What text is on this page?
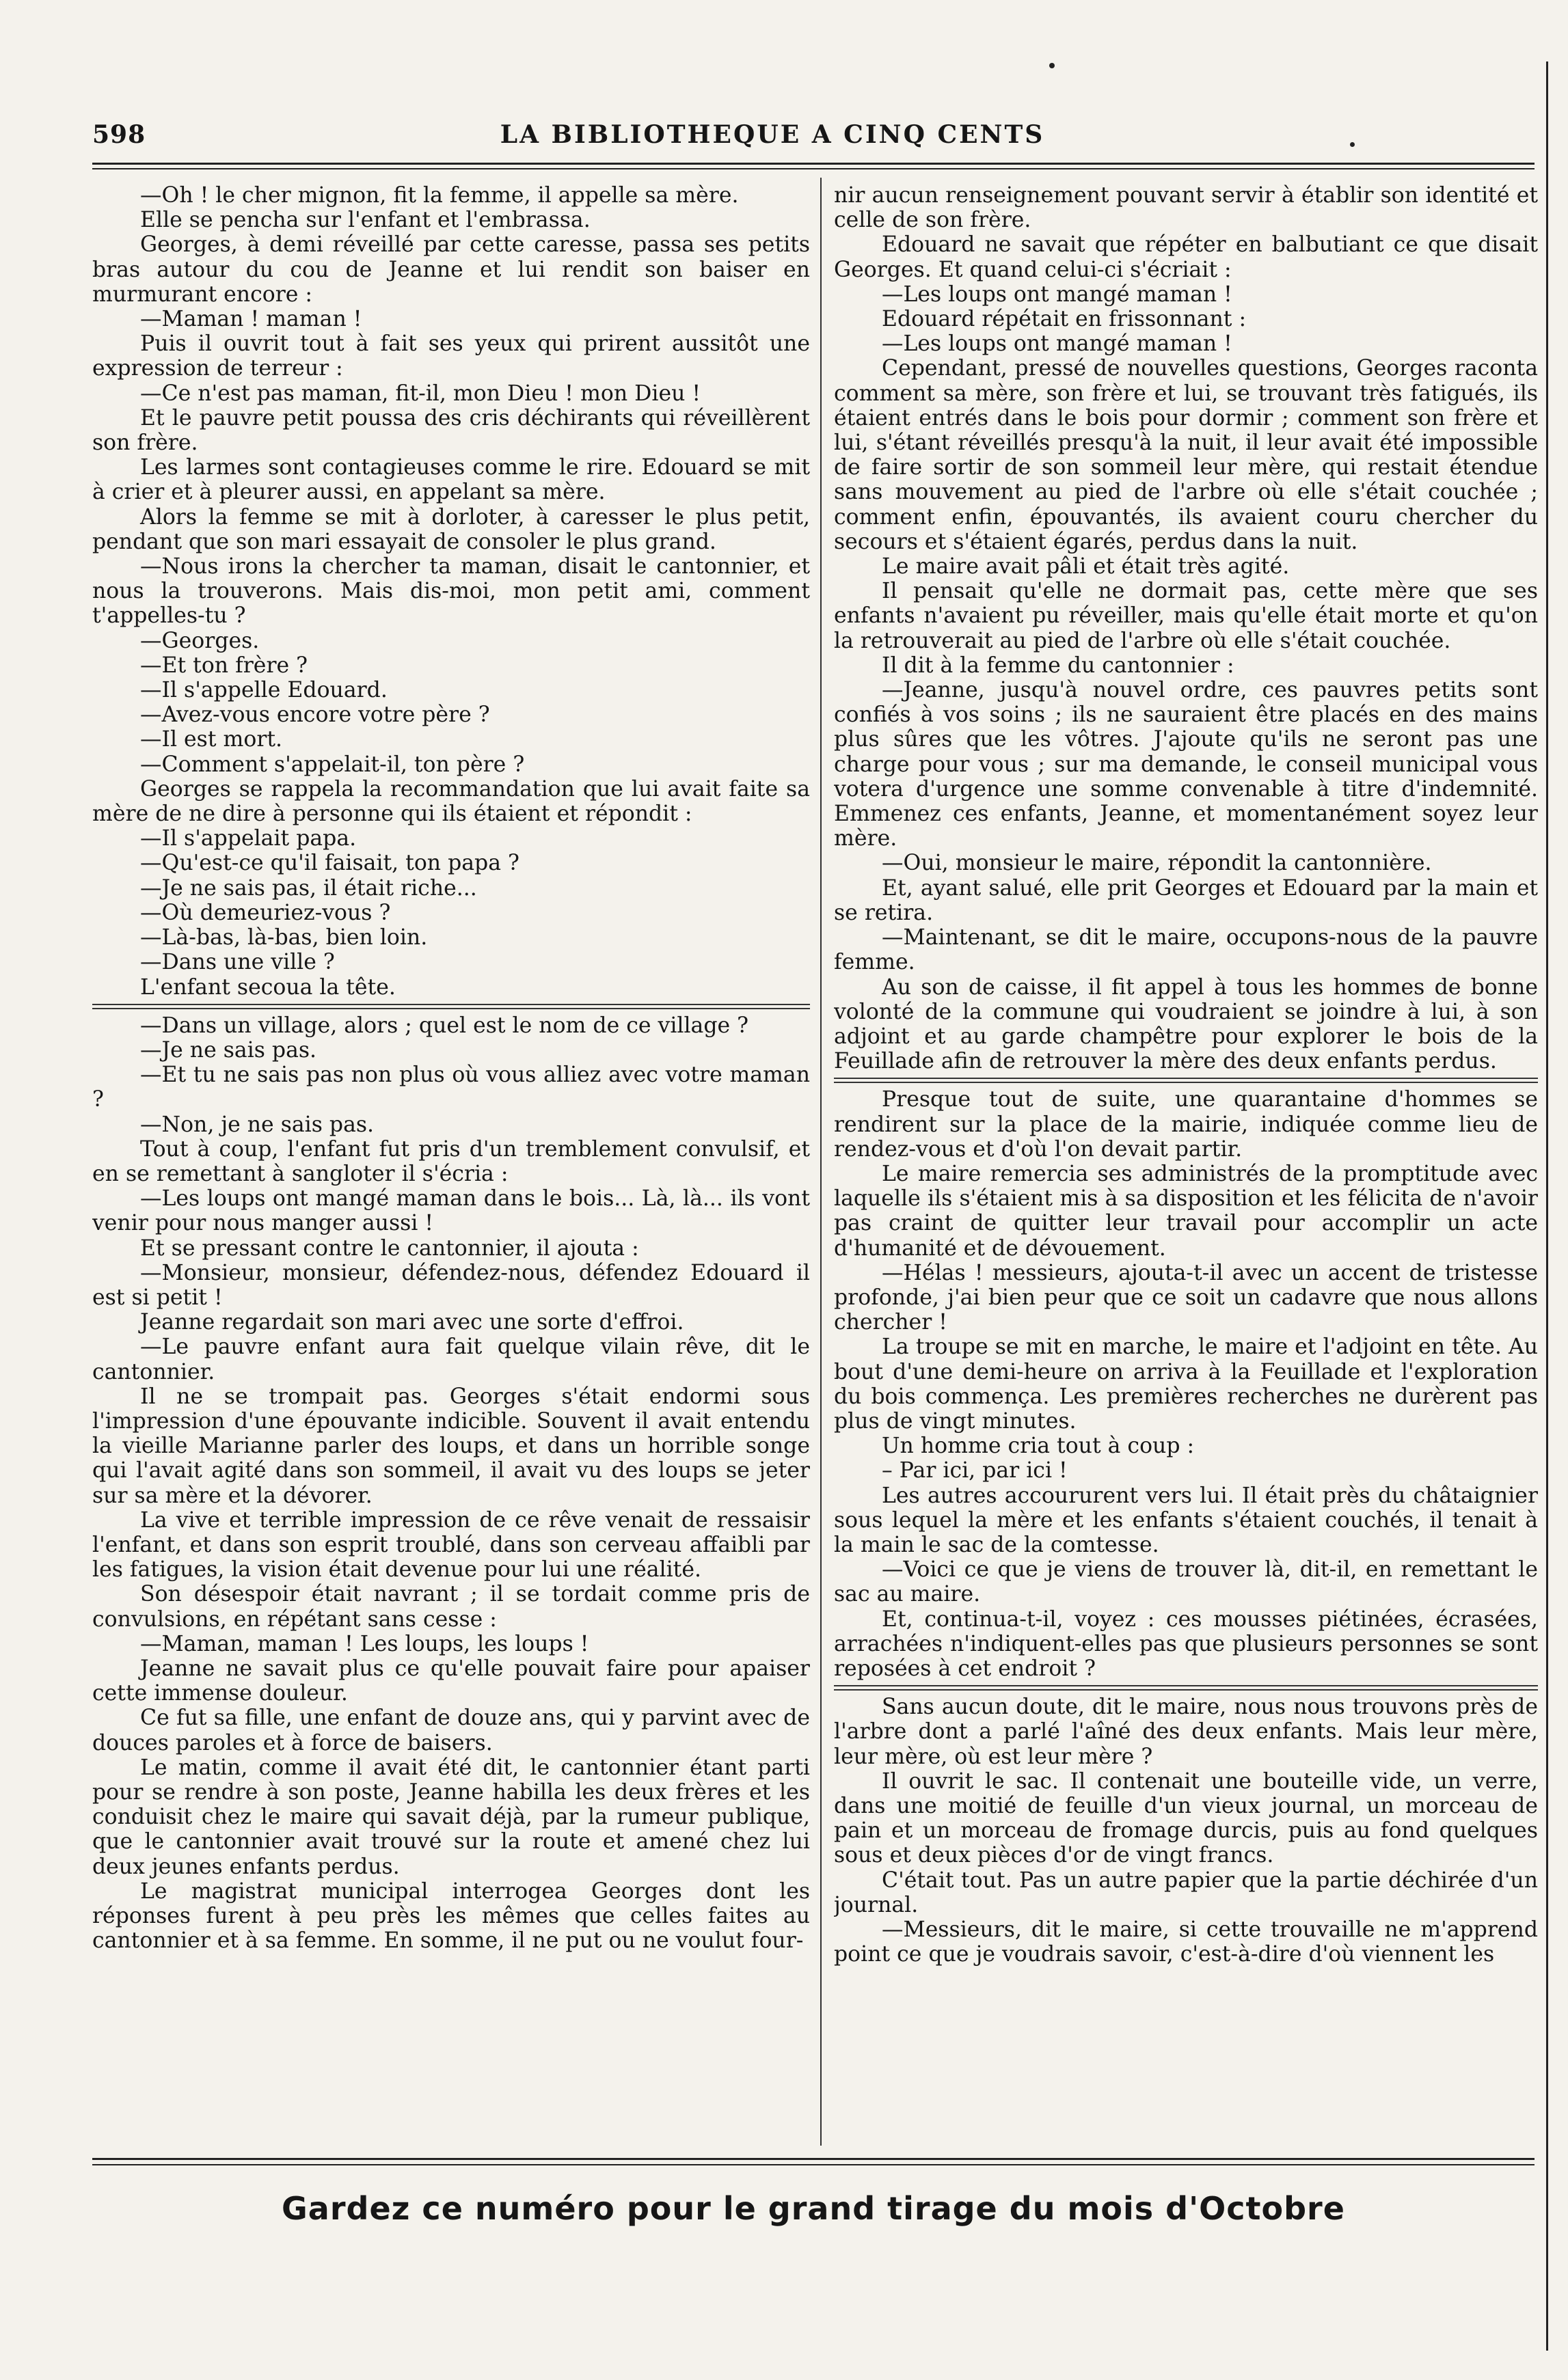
598	LA BIBLIOTHEQUE A CINQ CENTS

—Oh ! le cher mignon, fit la femme, il appelle sa mère.

Elle se pencha sur l'enfant et l'embrassa.

Georges, à demi réveillé par cette caresse, passa ses petits bras autour du cou de Jeanne et lui rendit son baiser en murmurant encore :

—Maman ! maman !

Puis il ouvrit tout à fait ses yeux qui prirent aussitôt une expression de terreur :

—Ce n'est pas maman, fit-il, mon Dieu ! mon Dieu !

Et le pauvre petit poussa des cris déchirants qui réveillèrent son frère.

Les larmes sont contagieuses comme le rire. Edouard se mit à crier et à pleurer aussi, en appelant sa mère.

Alors la femme se mit à dorloter, à caresser le plus petit, pendant que son mari essayait de consoler le plus grand.

—Nous irons la chercher ta maman, disait le cantonnier, et nous la trouverons. Mais dis-moi, mon petit ami, comment t'appelles-tu ?

—Georges.

—Et ton frère ?

—Il s'appelle Edouard.

—Avez-vous encore votre père ?

—Il est mort.

—Comment s'appelait-il, ton père ?

Georges se rappela la recommandation que lui avait faite sa mère de ne dire à personne qui ils étaient et répondit :

—Il s'appelait papa.

—Qu'est-ce qu'il faisait, ton papa ?

—Je ne sais pas, il était riche...

—Où demeuriez-vous ?

—Là-bas, là-bas, bien loin.

—Dans une ville ?

L'enfant secoua la tête.

—Dans un village, alors ; quel est le nom de ce village ?

—Je ne sais pas.

—Et tu ne sais pas non plus où vous alliez avec votre maman ?

—Non, je ne sais pas.

Tout à coup, l'enfant fut pris d'un tremblement convulsif, et en se remettant à sangloter il s'écria :

—Les loups ont mangé maman dans le bois... Là, là... ils vont venir pour nous manger aussi !

Et se pressant contre le cantonnier, il ajouta :

—Monsieur, monsieur, défendez-nous, défendez Edouard il est si petit !

Jeanne regardait son mari avec une sorte d'effroi.

—Le pauvre enfant aura fait quelque vilain rêve, dit le cantonnier.

Il ne se trompait pas. Georges s'était endormi sous l'impression d'une épouvante indicible. Souvent il avait entendu la vieille Marianne parler des loups, et dans un horrible songe qui l'avait agité dans son sommeil, il avait vu des loups se jeter sur sa mère et la dévorer.

La vive et terrible impression de ce rêve venait de ressaisir l'enfant, et dans son esprit troublé, dans son cerveau affaibli par les fatigues, la vision était devenue pour lui une réalité.

Son désespoir était navrant ; il se tordait comme pris de convulsions, en répétant sans cesse :

—Maman, maman ! Les loups, les loups !

Jeanne ne savait plus ce qu'elle pouvait faire pour apaiser cette immense douleur.

Ce fut sa fille, une enfant de douze ans, qui y parvint avec de douces paroles et à force de baisers.

Le matin, comme il avait été dit, le cantonnier étant parti pour se rendre à son poste, Jeanne habilla les deux frères et les conduisit chez le maire qui savait déjà, par la rumeur publique, que le cantonnier avait trouvé sur la route et amené chez lui deux jeunes enfants perdus.

Le magistrat municipal interrogea Georges dont les réponses furent à peu près les mêmes que celles faites au cantonnier et à sa femme. En somme, il ne put ou ne voulut four-

nir aucun renseignement pouvant servir à établir son identité et celle de son frère.

Edouard ne savait que répéter en balbutiant ce que disait Georges. Et quand celui-ci s'écriait :

—Les loups ont mangé maman !

Edouard répétait en frissonnant :

—Les loups ont mangé maman !

Cependant, pressé de nouvelles questions, Georges raconta comment sa mère, son frère et lui, se trouvant très fatigués, ils étaient entrés dans le bois pour dormir ; comment son frère et lui, s'étant réveillés presqu'à la nuit, il leur avait été impossible de faire sortir de son sommeil leur mère, qui restait étendue sans mouvement au pied de l'arbre où elle s'était couchée ; comment enfin, épouvantés, ils avaient couru chercher du secours et s'étaient égarés, perdus dans la nuit.

Le maire avait pâli et était très agité.

Il pensait qu'elle ne dormait pas, cette mère que ses enfants n'avaient pu réveiller, mais qu'elle était morte et qu'on la retrouverait au pied de l'arbre où elle s'était couchée.

Il dit à la femme du cantonnier :

—Jeanne, jusqu'à nouvel ordre, ces pauvres petits sont confiés à vos soins ; ils ne sauraient être placés en des mains plus sûres que les vôtres. J'ajoute qu'ils ne seront pas une charge pour vous ; sur ma demande, le conseil municipal vous votera d'urgence une somme convenable à titre d'indemnité. Emmenez ces enfants, Jeanne, et momentanément soyez leur mère.

—Oui, monsieur le maire, répondit la cantonnière.

Et, ayant salué, elle prit Georges et Edouard par la main et se retira.

—Maintenant, se dit le maire, occupons-nous de la pauvre femme.

Au son de caisse, il fit appel à tous les hommes de bonne volonté de la commune qui voudraient se joindre à lui, à son adjoint et au garde champêtre pour explorer le bois de la Feuillade afin de retrouver la mère des deux enfants perdus.

Presque tout de suite, une quarantaine d'hommes se rendirent sur la place de la mairie, indiquée comme lieu de rendez-vous et d'où l'on devait partir.

Le maire remercia ses administrés de la promptitude avec laquelle ils s'étaient mis à sa disposition et les félicita de n'avoir pas craint de quitter leur travail pour accomplir un acte d'humanité et de dévouement.

—Hélas ! messieurs, ajouta-t-il avec un accent de tristesse profonde, j'ai bien peur que ce soit un cadavre que nous allons chercher !

La troupe se mit en marche, le maire et l'adjoint en tête. Au bout d'une demi-heure on arriva à la Feuillade et l'exploration du bois commença. Les premières recherches ne durèrent pas plus de vingt minutes.

Un homme cria tout à coup :

– Par ici, par ici !

Les autres accoururent vers lui. Il était près du châtaignier sous lequel la mère et les enfants s'étaient couchés, il tenait à la main le sac de la comtesse.

—Voici ce que je viens de trouver là, dit-il, en remettant le sac au maire.

Et, continua-t-il, voyez : ces mousses piétinées, écrasées, arrachées n'indiquent-elles pas que plusieurs personnes se sont reposées à cet endroit ?

Sans aucun doute, dit le maire, nous nous trouvons près de l'arbre dont a parlé l'aîné des deux enfants. Mais leur mère, leur mère, où est leur mère ?

Il ouvrit le sac. Il contenait une bouteille vide, un verre, dans une moitié de feuille d'un vieux journal, un morceau de pain et un morceau de fromage durcis, puis au fond quelques sous et deux pièces d'or de vingt francs.

C'était tout. Pas un autre papier que la partie déchirée d'un journal.

—Messieurs, dit le maire, si cette trouvaille ne m'apprend point ce que je voudrais savoir, c'est-à-dire d'où viennent les

Gardez ce numéro pour le grand tirage du mois d'Octobre
